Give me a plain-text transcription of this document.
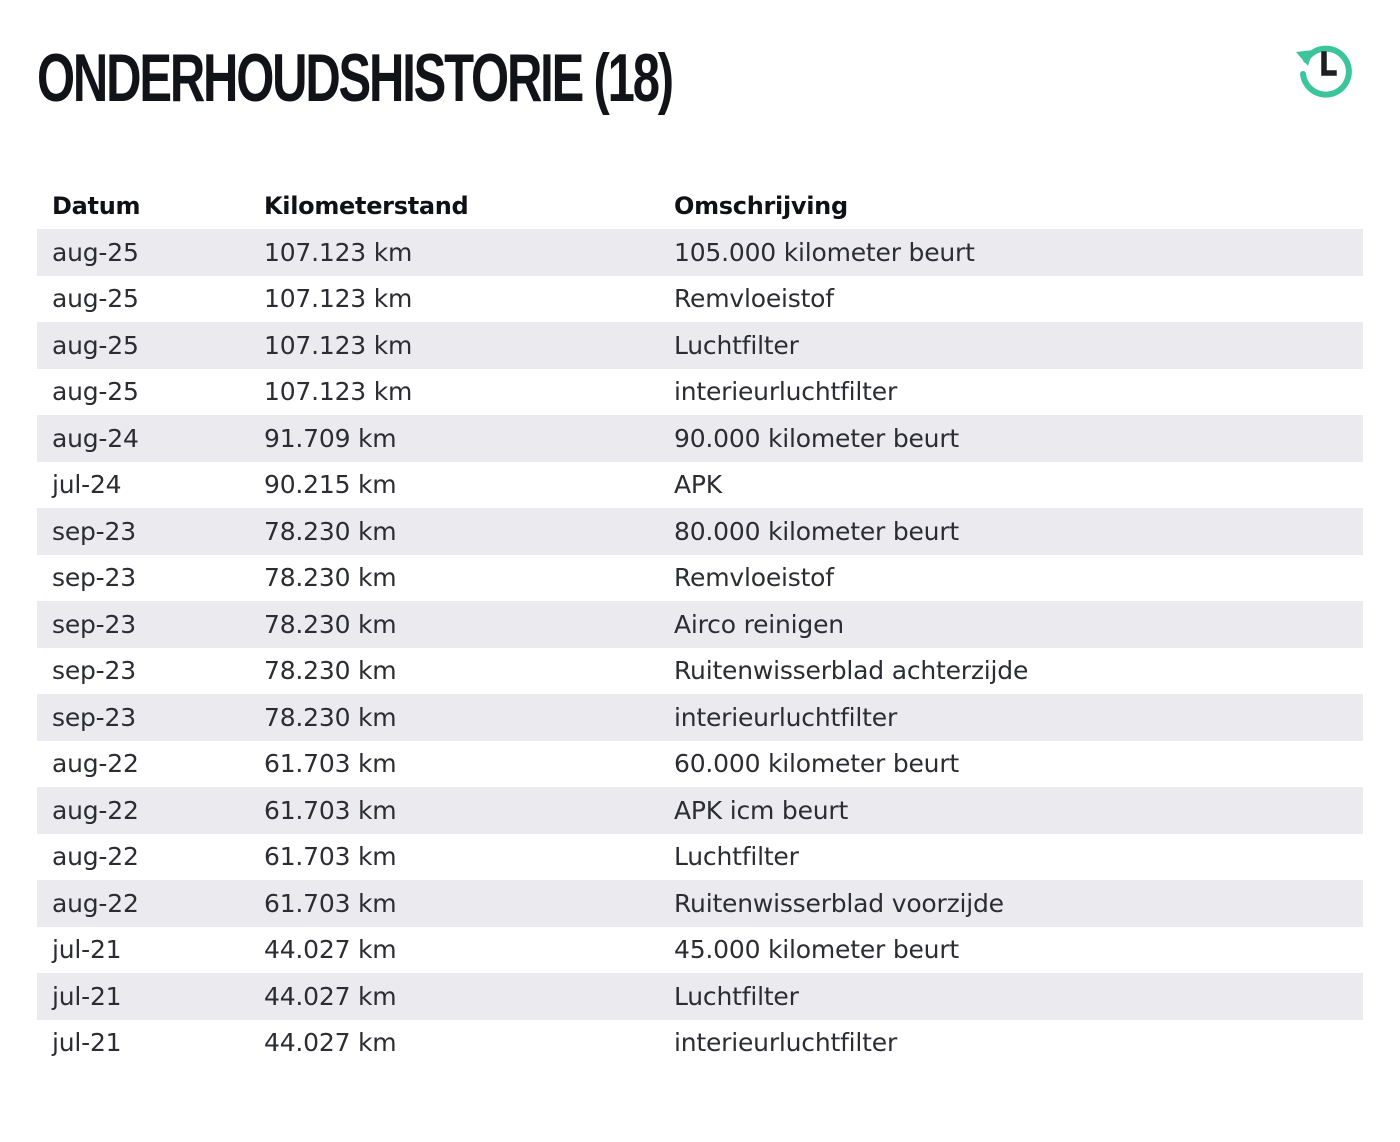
ONDERHOUDSHISTORIE (18)
Datum	Kilometerstand	Omschrijving
aug-25	107.123 km	105.000 kilometer beurt
aug-25	107.123 km	Remvloeistof
aug-25	107.123 km	Luchtfilter
aug-25	107.123 km	interieurluchtfilter
aug-24	91.709 km	90.000 kilometer beurt
jul-24	90.215 km	APK
sep-23	78.230 km	80.000 kilometer beurt
sep-23	78.230 km	Remvloeistof
sep-23	78.230 km	Airco reinigen
sep-23	78.230 km	Ruitenwisserblad achterzijde
sep-23	78.230 km	interieurluchtfilter
aug-22	61.703 km	60.000 kilometer beurt
aug-22	61.703 km	APK icm beurt
aug-22	61.703 km	Luchtfilter
aug-22	61.703 km	Ruitenwisserblad voorzijde
jul-21	44.027 km	45.000 kilometer beurt
jul-21	44.027 km	Luchtfilter
jul-21	44.027 km	interieurluchtfilter
